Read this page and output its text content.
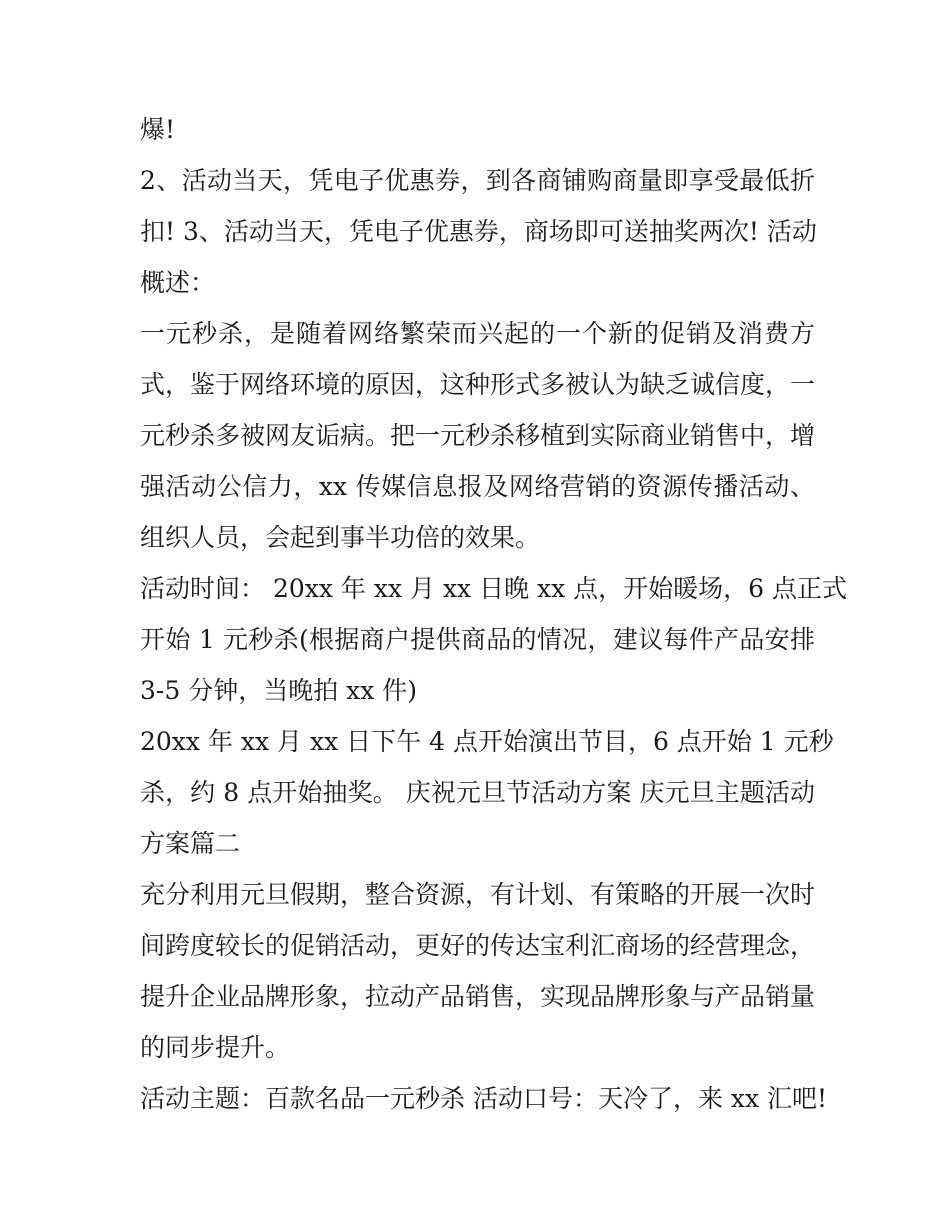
爆!
2、活动当天，凭电子优惠券，到各商铺购商量即享受最低折
扣! 3、活动当天，凭电子优惠券，商场即可送抽奖两次! 活动
概述：
一元秒杀，是随着网络繁荣而兴起的一个新的促销及消费方
式，鉴于网络环境的原因，这种形式多被认为缺乏诚信度，一
元秒杀多被网友诟病。把一元秒杀移植到实际商业销售中，增
强活动公信力，xx 传媒信息报及网络营销的资源传播活动、
组织人员，会起到事半功倍的效果。
活动时间： 20xx 年 xx 月 xx 日晚 xx 点，开始暖场，6 点正式
开始 1 元秒杀(根据商户提供商品的情况，建议每件产品安排
3-5 分钟，当晚拍 xx 件)
20xx 年 xx 月 xx 日下午 4 点开始演出节目，6 点开始 1 元秒
杀，约 8 点开始抽奖。 庆祝元旦节活动方案 庆元旦主题活动
方案篇二
充分利用元旦假期，整合资源，有计划、有策略的开展一次时
间跨度较长的促销活动，更好的传达宝利汇商场的经营理念，
提升企业品牌形象，拉动产品销售，实现品牌形象与产品销量
的同步提升。
活动主题：百款名品一元秒杀 活动口号：天冷了，来 xx 汇吧!
